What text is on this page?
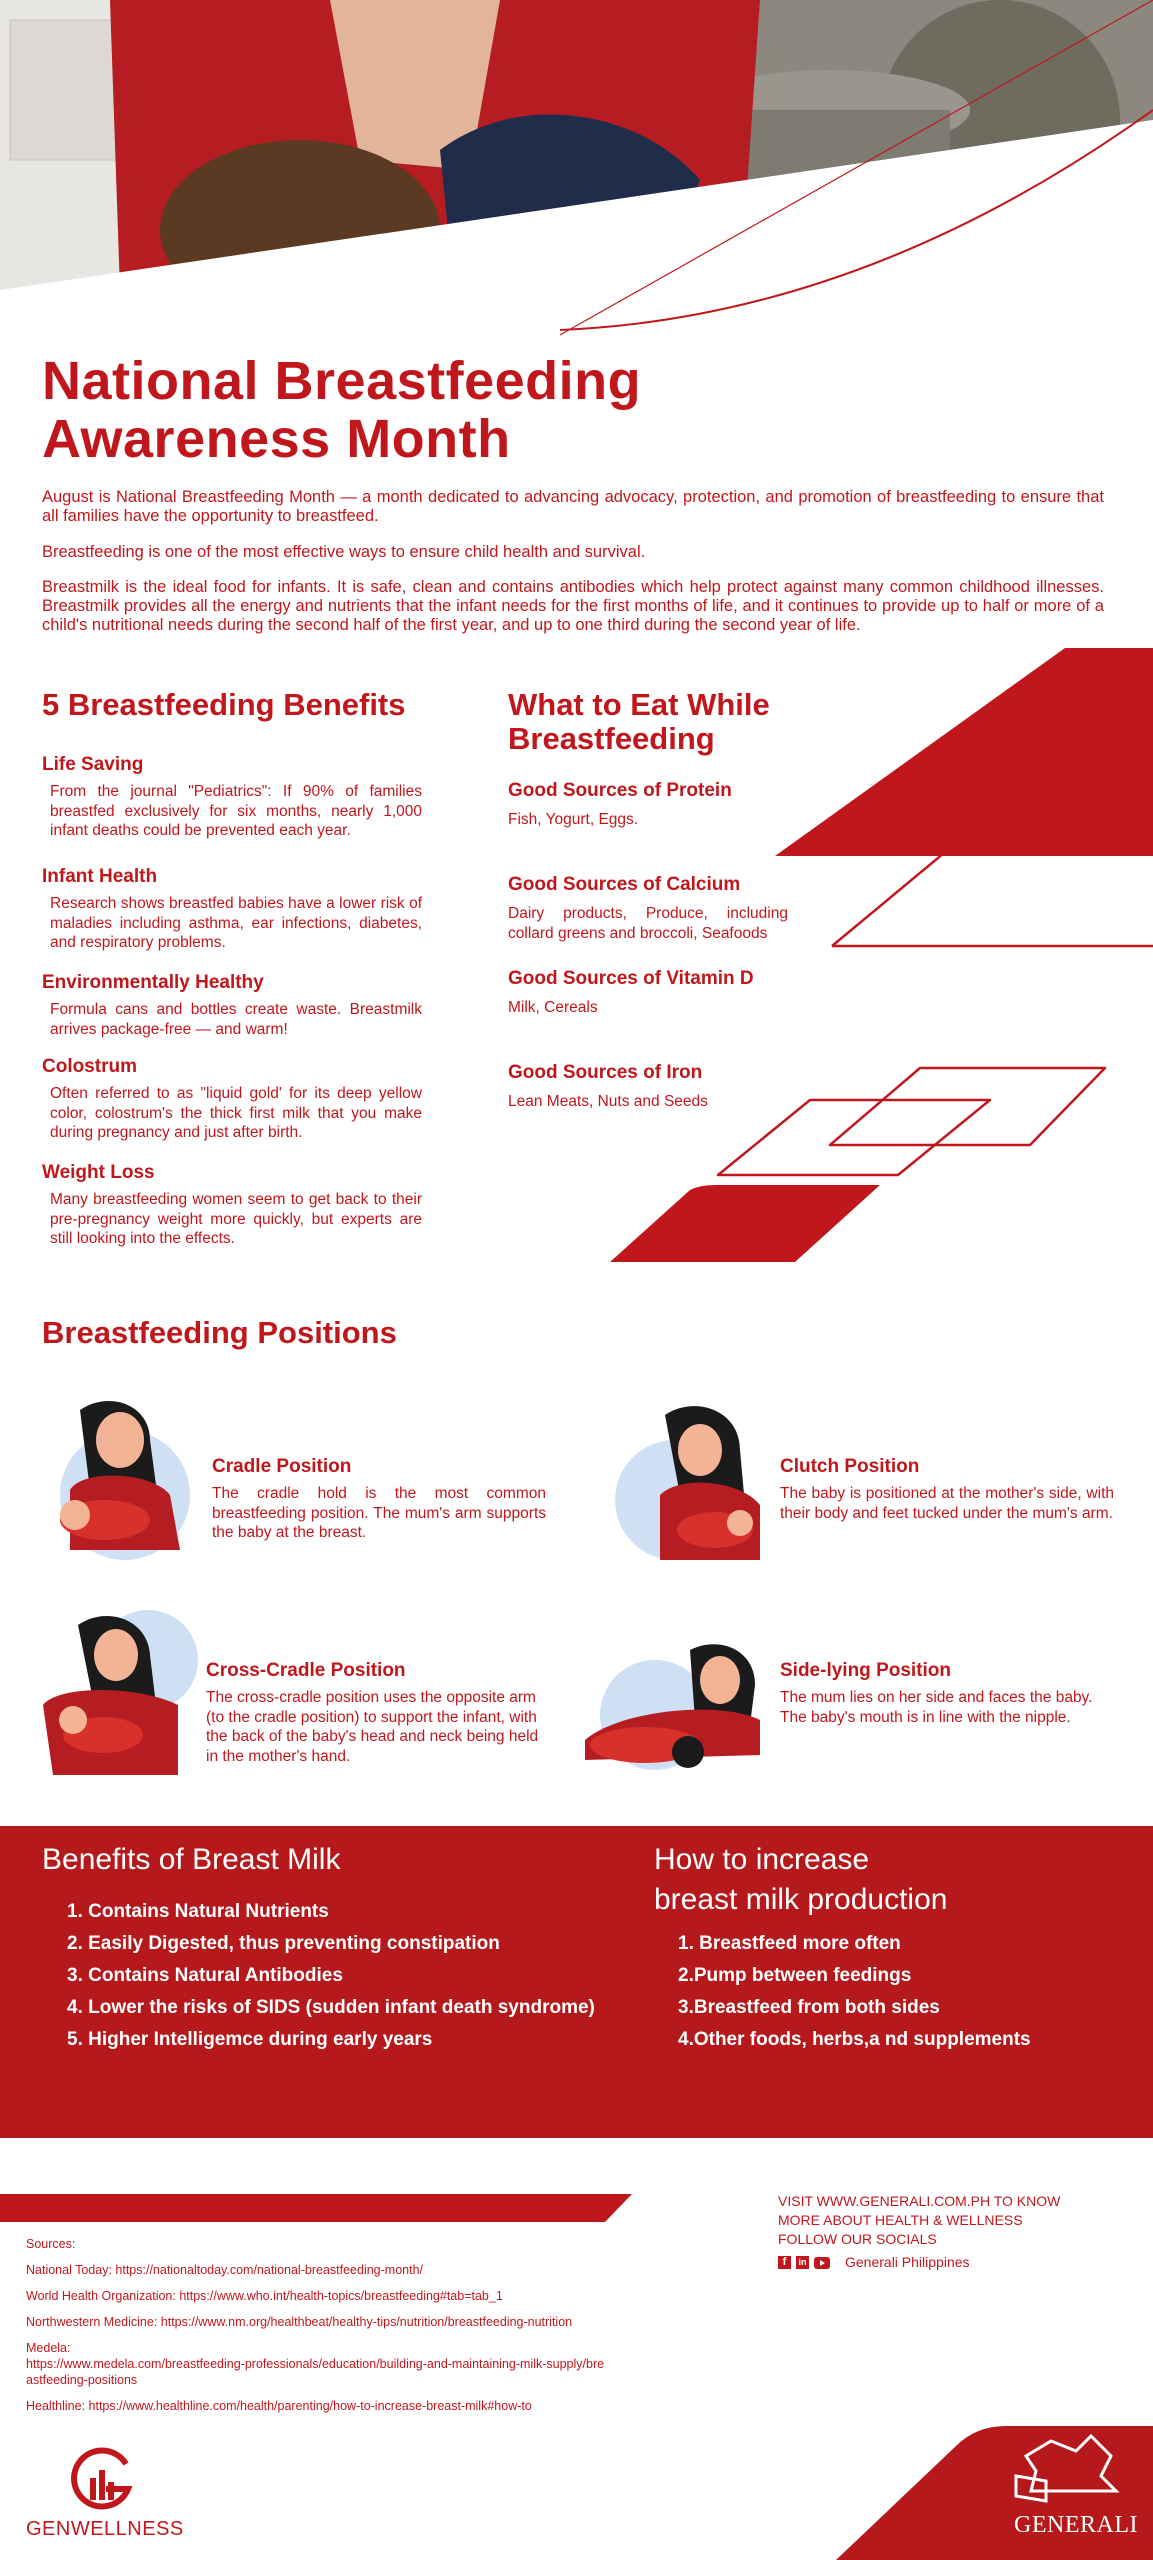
National Breastfeeding
Awareness Month
August is National Breastfeeding Month — a month dedicated to advancing advocacy, protection, and promotion of breastfeeding to ensure that all families have the opportunity to breastfeed.
Breastfeeding is one of the most effective ways to ensure child health and survival.
Breastmilk is the ideal food for infants. It is safe, clean and contains antibodies which help protect against many common childhood illnesses. Breastmilk provides all the energy and nutrients that the infant needs for the first months of life, and it continues to provide up to half or more of a child's nutritional needs during the second half of the first year, and up to one third during the second year of life.
5 Breastfeeding Benefits
Life Saving
From the journal "Pediatrics": If 90% of families breastfed exclusively for six months, nearly 1,000 infant deaths could be prevented each year.
Infant Health
Research shows breastfed babies have a lower risk of maladies including asthma, ear infections, diabetes, and respiratory problems.
Environmentally Healthy
Formula cans and bottles create waste. Breastmilk arrives package-free — and warm!
Colostrum
Often referred to as "liquid gold' for its deep yellow color, colostrum's the thick first milk that you make during pregnancy and just after birth.
Weight Loss
Many breastfeeding women seem to get back to their pre-pregnancy weight more quickly, but experts are still looking into the effects.
What to Eat While
Breastfeeding
Good Sources of Protein
Fish, Yogurt, Eggs.
Good Sources of Calcium
Dairy products, Produce, including collard greens and broccoli, Seafoods
Good Sources of Vitamin D
Milk, Cereals
Good Sources of Iron
Lean Meats, Nuts and Seeds
Breastfeeding Positions
Cradle Position
The cradle hold is the most common breastfeeding position. The mum's arm supports the baby at the breast.
Clutch Position
The baby is positioned at the mother's side, with their body and feet tucked under the mum's arm.
Cross-Cradle Position
The cross-cradle position uses the opposite arm (to the cradle position) to support the infant, with the back of the baby's head and neck being held in the mother's hand.
Side-lying Position
The mum lies on her side and faces the baby. The baby's mouth is in line with the nipple.
Benefits of Breast Milk
1. Contains Natural Nutrients
2. Easily Digested, thus preventing constipation
3. Contains Natural Antibodies
4. Lower the risks of SIDS (sudden infant death syndrome)
5. Higher Intelligemce during early years
How to increase
breast milk production
1. Breastfeed more often
2.Pump between feedings
3.Breastfeed from both sides
4.Other foods, herbs,a nd supplements
Sources:
National Today: https://nationaltoday.com/national-breastfeeding-month/
World Health Organization: https://www.who.int/health-topics/breastfeeding#tab=tab_1
Northwestern Medicine: https://www.nm.org/healthbeat/healthy-tips/nutrition/breastfeeding-nutrition
Medela:
https://www.medela.com/breastfeeding-professionals/education/building-and-maintaining-milk-supply/bre
astfeeding-positions
Healthline: https://www.healthline.com/health/parenting/how-to-increase-breast-milk#how-to
VISIT WWW.GENERALI.COM.PH TO KNOW
MORE ABOUT HEALTH & WELLNESS
FOLLOW OUR SOCIALS
f	in	Generali Philippines
GENWELLNESS	GENERALI
